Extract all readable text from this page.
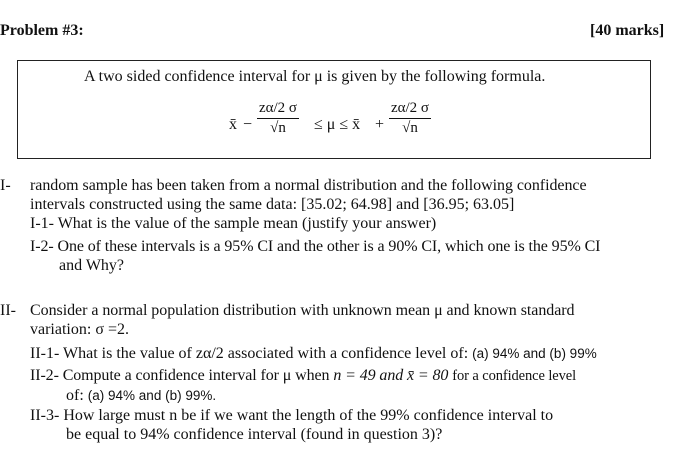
Problem #3:	[40 marks]
A two sided confidence interval for μ is given by the following formula.
x̄ − $\frac{z\alpha/2 \sigma}{√n} \le \mu$ ≤ x̄ + $\frac{z\alpha/2 \sigma}{√n}$
I- random sample has been taken from a normal distribution and the following confidence
intervals constructed using the same data: [35.02; 64.98] and [36.95; 63.05]
I-1- What is the value of the sample mean (justify your answer)
I-2- One of these intervals is a 95% CI and the other is a 90% CI, which one is the 95% CI
and Why?
II- Consider a normal population distribution with unknown mean μ and known standard
variation: σ =2.
II-1- What is the value of zα/2 associated with a confidence level of: (a) 94% and (b) 99%
II-2- Compute a confidence interval for μ when n = 49 and x̄ = 80 for a confidence level
of: (a) 94% and (b) 99%.
II-3- How large must n be if we want the length of the 99% confidence interval to
be equal to 94% confidence interval (found in question 3)?
